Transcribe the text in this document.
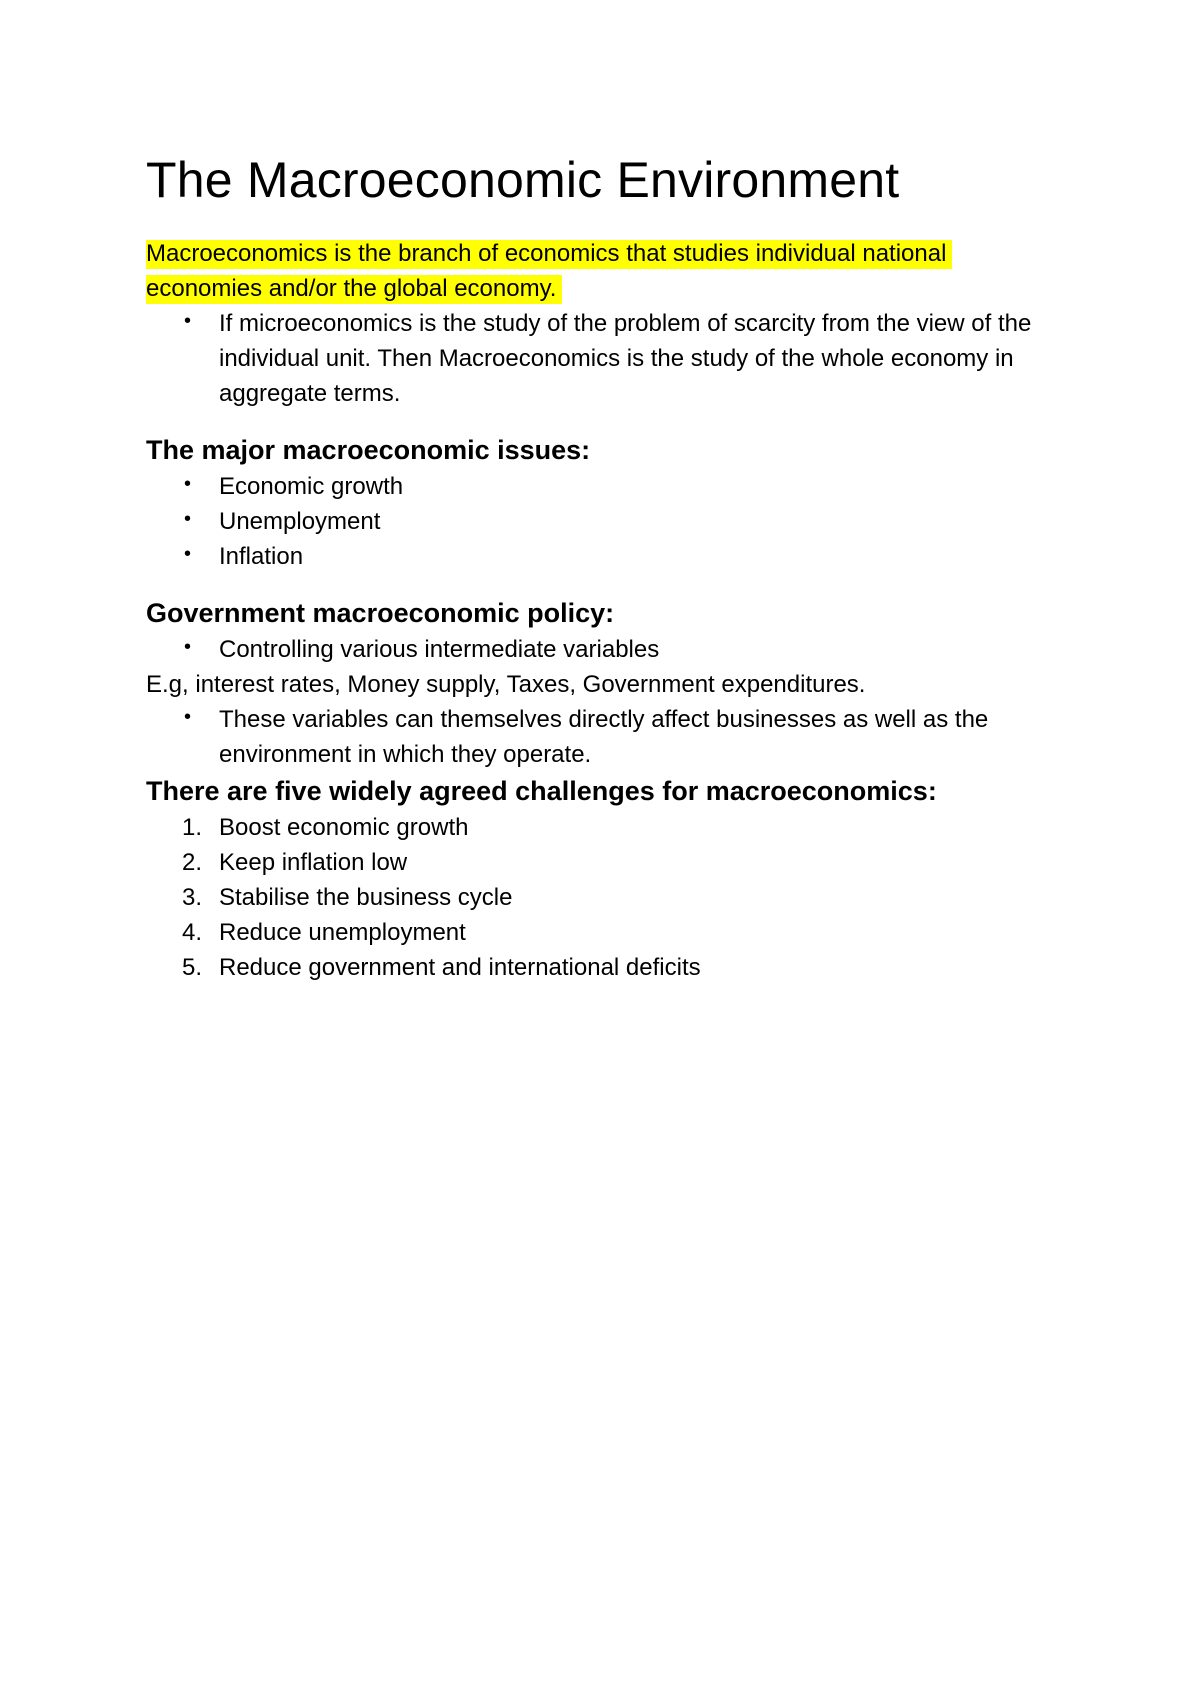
The Macroeconomic Environment
Macroeconomics is the branch of economics that studies individual national
economies and/or the global economy.
• If microeconomics is the study of the problem of scarcity from the view of the individual unit. Then Macroeconomics is the study of the whole economy in aggregate terms.
The major macroeconomic issues:
• Economic growth
• Unemployment
• Inflation
Government macroeconomic policy:
• Controlling various intermediate variables
E.g, interest rates, Money supply, Taxes, Government expenditures.
• These variables can themselves directly affect businesses as well as the environment in which they operate.
There are five widely agreed challenges for macroeconomics:
1. Boost economic growth
2. Keep inflation low
3. Stabilise the business cycle
4. Reduce unemployment
5. Reduce government and international deficits
